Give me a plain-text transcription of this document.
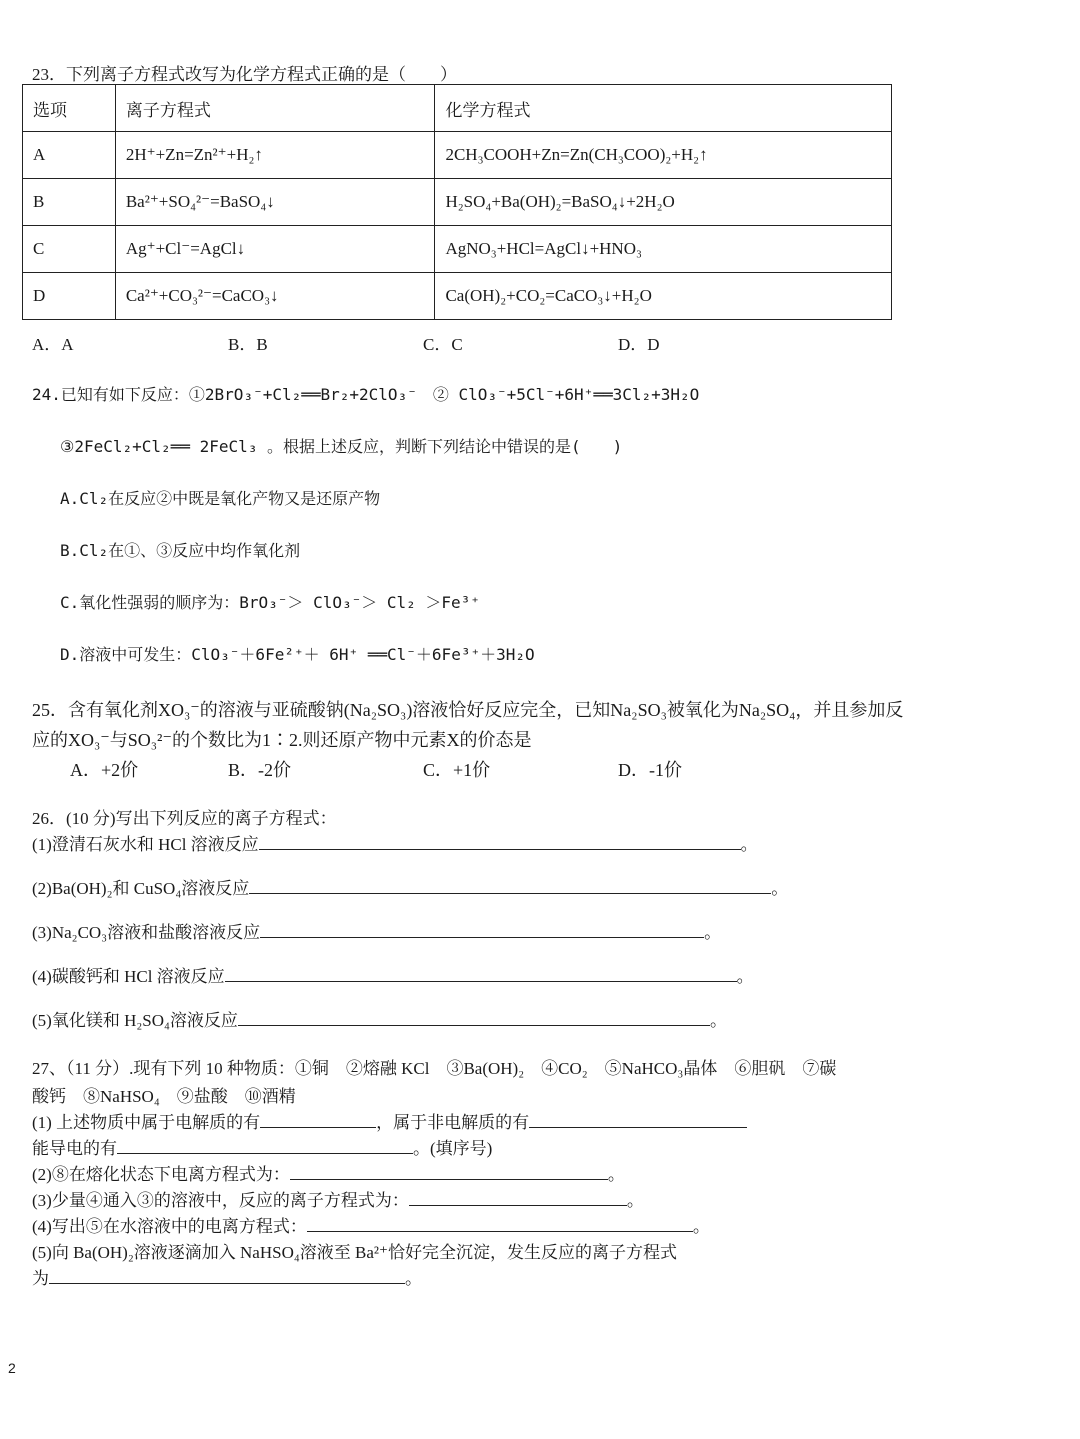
23．下列离子方程式改写为化学方程式正确的是（　　）
选项	离子方程式	化学方程式
A	2H⁺+Zn=Zn²⁺+H₂↑	2CH₃COOH+Zn=Zn(CH₃COO)₂+H₂↑
B	Ba²⁺+SO₄²⁻=BaSO₄↓	H₂SO₄+Ba(OH)₂=BaSO₄↓+2H₂O
C	Ag⁺+Cl⁻=AgCl↓	AgNO₃+HCl=AgCl↓+HNO₃
D	Ca²⁺+CO₃²⁻=CaCO₃↓	Ca(OH)₂+CO₂=CaCO₃↓+H₂O
A．A	B．B	C．C	D．D
24.已知有如下反应：①2BrO₃⁻+Cl₂══Br₂+2ClO₃⁻　② ClO₃⁻+5Cl⁻+6H⁺══3Cl₂+3H₂O
③2FeCl₂+Cl₂══ 2FeCl₃ 。根据上述反应，判断下列结论中错误的是(　　)
A.Cl₂在反应②中既是氧化产物又是还原产物
B.Cl₂在①、③反应中均作氧化剂
C.氧化性强弱的顺序为：BrO₃⁻＞ ClO₃⁻＞ Cl₂ ＞Fe³⁺
D.溶液中可发生：ClO₃⁻＋6Fe²⁺＋ 6H⁺ ══Cl⁻＋6Fe³⁺＋3H₂O
25．含有氧化剂XO₃⁻的溶液与亚硫酸钠(Na₂SO₃)溶液恰好反应完全，已知Na₂SO₃被氧化为Na₂SO₄，并且参加反
应的XO₃⁻与SO₃²⁻的个数比为1∶2.则还原产物中元素X的价态是
A．+2价	B．-2价	C．+1价	D．-1价
26．(10 分)写出下列反应的离子方程式：
(1)澄清石灰水和 HCl 溶液反应	。
(2)Ba(OH)₂和 CuSO₄溶液反应	。
(3)Na₂CO₃溶液和盐酸溶液反应	。
(4)碳酸钙和 HCl 溶液反应	。
(5)氧化镁和 H₂SO₄溶液反应	。
27、（11 分）.现有下列 10 种物质：①铜　②熔融 KCl　③Ba(OH)₂　④CO₂　⑤NaHCO₃晶体　⑥胆矾　⑦碳
酸钙　⑧NaHSO₄　⑨盐酸　⑩酒精
(1) 上述物质中属于电解质的有	，属于非电解质的有
能导电的有	。(填序号)
(2)⑧在熔化状态下电离方程式为：	。
(3)少量④通入③的溶液中，反应的离子方程式为：	。
(4)写出⑤在水溶液中的电离方程式：	。
(5)向 Ba(OH)₂溶液逐滴加入 NaHSO₄溶液至 Ba²⁺恰好完全沉淀，发生反应的离子方程式
为	。
2
